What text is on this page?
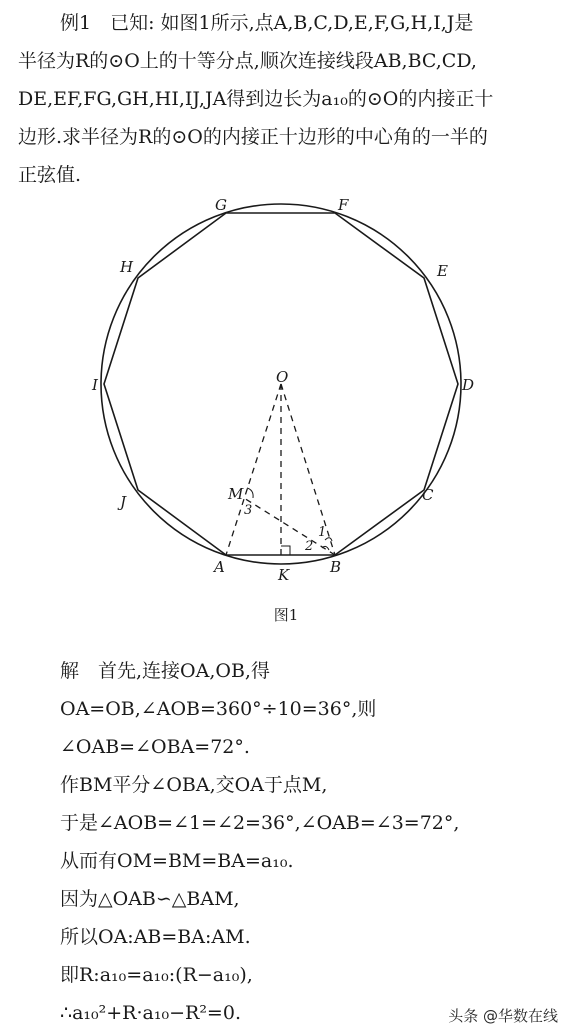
例1　已知: 如图1所示,点A,B,C,D,E,F,G,H,I,J是
半径为R的⊙O上的十等分点,顺次连接线段AB,BC,CD,
DE,EF,FG,GH,HI,IJ,JA得到边长为a₁₀的⊙O的内接正十
边形.求半径为R的⊙O的内接正十边形的中心角的一半的
正弦值.
A	B
C
D
E
F
G
H
I
J
O
M
K
1
2
3
图1
解　首先,连接OA,OB,得
OA=OB,∠AOB=360°÷10=36°,则
∠OAB=∠OBA=72°.
作BM平分∠OBA,交OA于点M,
于是∠AOB=∠1=∠2=36°,∠OAB=∠3=72°,
从而有OM=BM=BA=a₁₀.
因为△OAB∽△BAM,
所以OA:AB=BA:AM.
即R:a₁₀=a₁₀:(R−a₁₀),
∴a₁₀²+R·a₁₀−R²=0.	头条 @华数在线
